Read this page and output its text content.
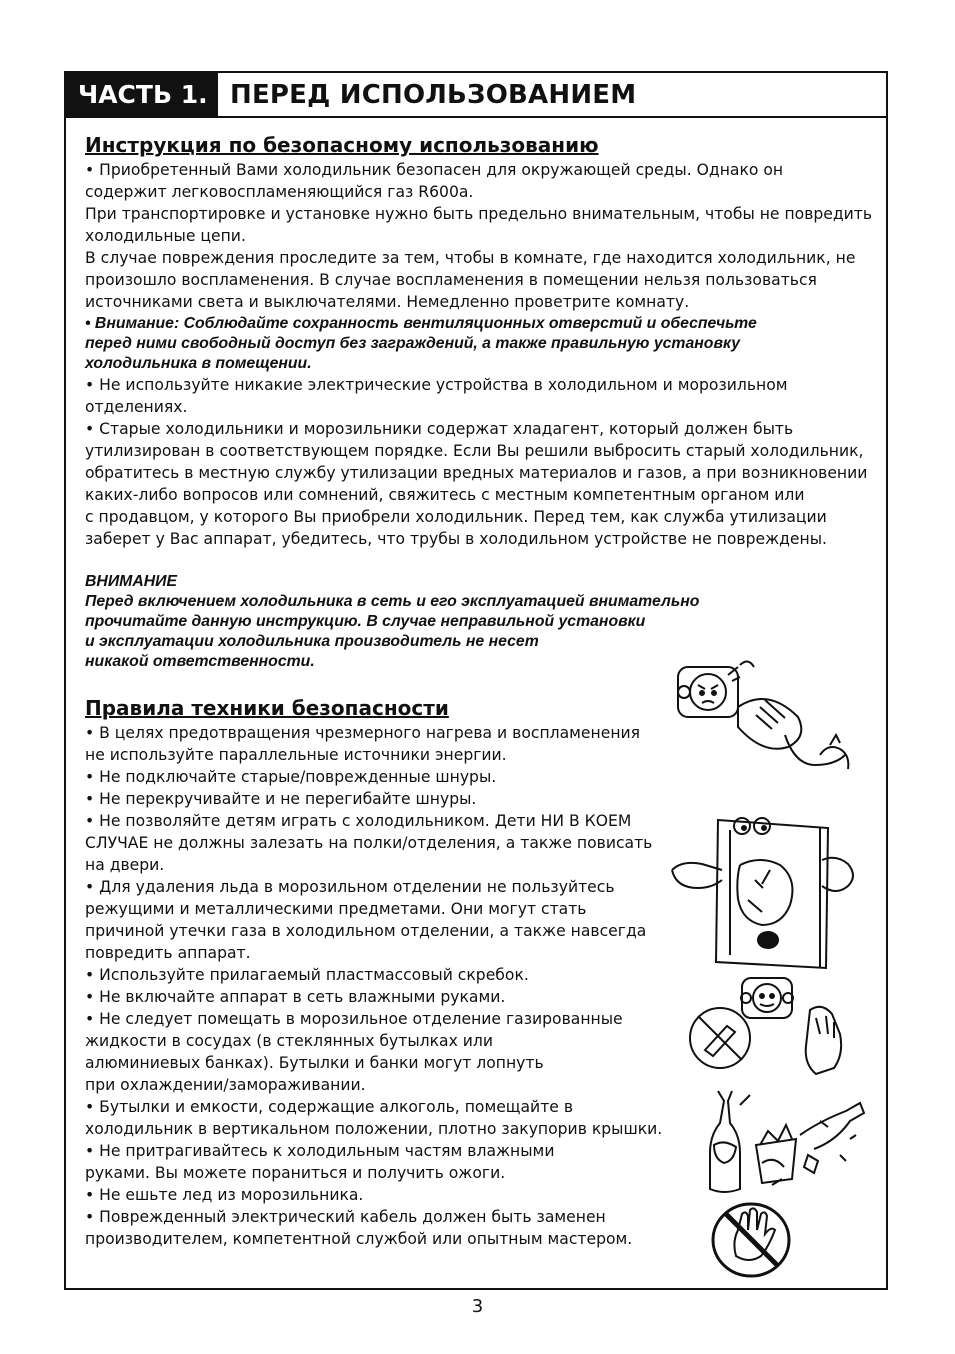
ЧАСТЬ 1. ПЕРЕД ИСПОЛЬЗОВАНИЕМ
Инструкция по безопасному использованию

• Приобретенный Вами холодильник безопасен для окружающей среды. Однако он

содержит легковоспламеняющийся газ R600a.

При транспортировке и установке нужно быть предельно внимательным, чтобы не повредить

холодильные цепи.

В случае повреждения проследите за тем, чтобы в комнате, где находится холодильник, не

произошло воспламенения. В случае воспламенения в помещении нельзя пользоваться

источниками света и выключателями. Немедленно проветрите комнату.

• Внимание: Соблюдайте сохранность вентиляционных отверстий и обеспечьте

перед ними свободный доступ без заграждений, а также правильную установку

холодильника в помещении.

• Не используйте никакие электрические устройства в холодильном и морозильном

отделениях.

• Старые холодильники и морозильники содержат хладагент, который должен быть

утилизирован в соответствующем порядке. Если Вы решили выбросить старый холодильник,

обратитесь в местную службу утилизации вредных материалов и газов, а при возникновении

каких-либо вопросов или сомнений, свяжитесь с местным компетентным органом или

с продавцом, у которого Вы приобрели холодильник. Перед тем, как служба утилизации

заберет у Вас аппарат, убедитесь, что трубы в холодильном устройстве не повреждены.

ВНИМАНИЕ

Перед включением холодильника в сеть и его эксплуатацией внимательно

прочитайте данную инструкцию. В случае неправильной установки

и эксплуатации холодильника производитель не несет

никакой ответственности.

Правила техники безопасности

• В целях предотвращения чрезмерного нагрева и воспламенения

не используйте параллельные источники энергии.

• Не подключайте старые/поврежденные шнуры.

• Не перекручивайте и не перегибайте шнуры.

• Не позволяйте детям играть с холодильником. Дети НИ В КОЕМ

СЛУЧАЕ не должны залезать на полки/отделения, а также повисать

на двери.

• Для удаления льда в морозильном отделении не пользуйтесь

режущими и металлическими предметами. Они могут стать

причиной утечки газа в холодильном отделении, а также навсегда

повредить аппарат.

• Используйте прилагаемый пластмассовый скребок.

• Не включайте аппарат в сеть влажными руками.

• Не следует помещать в морозильное отделение газированные

жидкости в сосудах (в стеклянных бутылках или

алюминиевых банках). Бутылки и банки могут лопнуть

при охлаждении/замораживании.

• Бутылки и емкости, содержащие алкоголь, помещайте в

холодильник в вертикальном положении, плотно закупорив крышки.

• Не притрагивайтесь к холодильным частям влажными

руками. Вы можете пораниться и получить ожоги.

• Не ешьте лед из морозильника.

• Поврежденный электрический кабель должен быть заменен

производителем, компетентной службой или опытным мастером.

3
